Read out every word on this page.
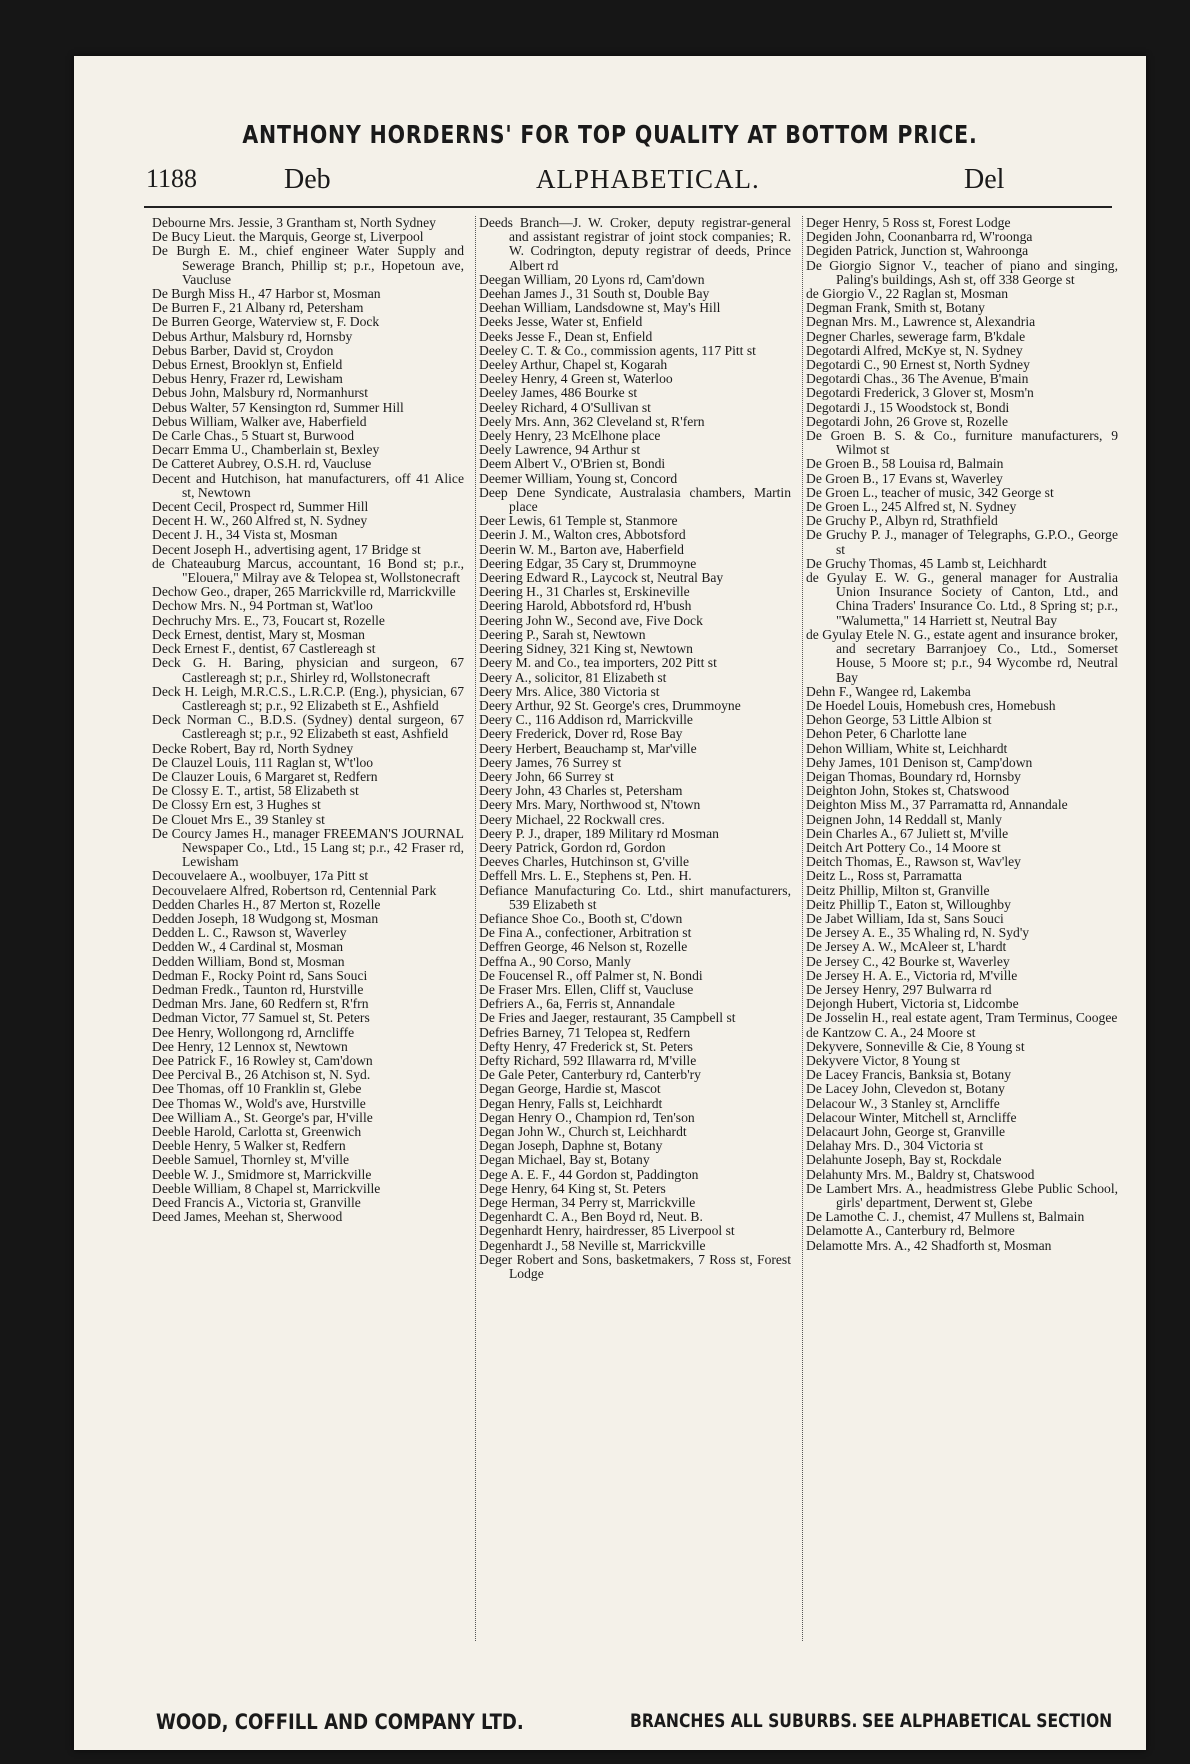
ANTHONY HORDERNS' FOR TOP QUALITY AT BOTTOM PRICE.
1188	Deb	ALPHABETICAL.	Del
Debourne Mrs. Jessie, 3 Grantham st, North Sydney
De Bucy Lieut. the Marquis, George st, Liverpool
De Burgh E. M., chief engineer Water Supply and Sewerage Branch, Phillip st; p.r., Hopetoun ave, Vaucluse
De Burgh Miss H., 47 Harbor st, Mosman
De Burren F., 21 Albany rd, Petersham
De Burren George, Waterview st, F. Dock
Debus Arthur, Malsbury rd, Hornsby
Debus Barber, David st, Croydon
Debus Ernest, Brooklyn st, Enfield
Debus Henry, Frazer rd, Lewisham
Debus John, Malsbury rd, Normanhurst
Debus Walter, 57 Kensington rd, Summer Hill
Debus William, Walker ave, Haberfield
De Carle Chas., 5 Stuart st, Burwood
Decarr Emma U., Chamberlain st, Bexley
De Catteret Aubrey, O.S.H. rd, Vaucluse
Decent and Hutchison, hat manufacturers, off 41 Alice st, Newtown
Decent Cecil, Prospect rd, Summer Hill
Decent H. W., 260 Alfred st, N. Sydney
Decent J. H., 34 Vista st, Mosman
Decent Joseph H., advertising agent, 17 Bridge st
de Chateauburg Marcus, accountant, 16 Bond st; p.r., "Elouera," Milray ave & Telopea st, Wollstonecraft
Dechow Geo., draper, 265 Marrickville rd, Marrickville
Dechow Mrs. N., 94 Portman st, Wat'loo
Dechruchy Mrs. E., 73, Foucart st, Rozelle
Deck Ernest, dentist, Mary st, Mosman
Deck Ernest F., dentist, 67 Castlereagh st
Deck G. H. Baring, physician and surgeon, 67 Castlereagh st; p.r., Shirley rd, Wollstonecraft
Deck H. Leigh, M.R.C.S., L.R.C.P. (Eng.), physician, 67 Castlereagh st; p.r., 92 Elizabeth st E., Ashfield
Deck Norman C., B.D.S. (Sydney) dental surgeon, 67 Castlereagh st; p.r., 92 Elizabeth st east, Ashfield
Decke Robert, Bay rd, North Sydney
De Clauzel Louis, 111 Raglan st, W't'loo
De Clauzer Louis, 6 Margaret st, Redfern
De Clossy E. T., artist, 58 Elizabeth st
De Clossy Ern est, 3 Hughes st
De Clouet Mrs E., 39 Stanley st
De Courcy James H., manager FREEMAN'S JOURNAL Newspaper Co., Ltd., 15 Lang st; p.r., 42 Fraser rd, Lewisham
Decouvelaere A., woolbuyer, 17a Pitt st
Decouvelaere Alfred, Robertson rd, Centennial Park
Dedden Charles H., 87 Merton st, Rozelle
Dedden Joseph, 18 Wudgong st, Mosman
Dedden L. C., Rawson st, Waverley
Dedden W., 4 Cardinal st, Mosman
Dedden William, Bond st, Mosman
Dedman F., Rocky Point rd, Sans Souci
Dedman Fredk., Taunton rd, Hurstville
Dedman Mrs. Jane, 60 Redfern st, R'frn
Dedman Victor, 77 Samuel st, St. Peters
Dee Henry, Wollongong rd, Arncliffe
Dee Henry, 12 Lennox st, Newtown
Dee Patrick F., 16 Rowley st, Cam'down
Dee Percival B., 26 Atchison st, N. Syd.
Dee Thomas, off 10 Franklin st, Glebe
Dee Thomas W., Wold's ave, Hurstville
Dee William A., St. George's par, H'ville
Deeble Harold, Carlotta st, Greenwich
Deeble Henry, 5 Walker st, Redfern
Deeble Samuel, Thornley st, M'ville
Deeble W. J., Smidmore st, Marrickville
Deeble William, 8 Chapel st, Marrickville
Deed Francis A., Victoria st, Granville
Deed James, Meehan st, Sherwood
Deeds Branch—J. W. Croker, deputy registrar-general and assistant registrar of joint stock companies; R. W. Codrington, deputy registrar of deeds, Prince Albert rd
Deegan William, 20 Lyons rd, Cam'down
Deehan James J., 31 South st, Double Bay
Deehan William, Landsdowne st, May's Hill
Deeks Jesse, Water st, Enfield
Deeks Jesse F., Dean st, Enfield
Deeley C. T. & Co., commission agents, 117 Pitt st
Deeley Arthur, Chapel st, Kogarah
Deeley Henry, 4 Green st, Waterloo
Deeley James, 486 Bourke st
Deeley Richard, 4 O'Sullivan st
Deely Mrs. Ann, 362 Cleveland st, R'fern
Deely Henry, 23 McElhone place
Deely Lawrence, 94 Arthur st
Deem Albert V., O'Brien st, Bondi
Deemer William, Young st, Concord
Deep Dene Syndicate, Australasia chambers, Martin place
Deer Lewis, 61 Temple st, Stanmore
Deerin J. M., Walton cres, Abbotsford
Deerin W. M., Barton ave, Haberfield
Deering Edgar, 35 Cary st, Drummoyne
Deering Edward R., Laycock st, Neutral Bay
Deering H., 31 Charles st, Erskineville
Deering Harold, Abbotsford rd, H'bush
Deering John W., Second ave, Five Dock
Deering P., Sarah st, Newtown
Deering Sidney, 321 King st, Newtown
Deery M. and Co., tea importers, 202 Pitt st
Deery A., solicitor, 81 Elizabeth st
Deery Mrs. Alice, 380 Victoria st
Deery Arthur, 92 St. George's cres, Drummoyne
Deery C., 116 Addison rd, Marrickville
Deery Frederick, Dover rd, Rose Bay
Deery Herbert, Beauchamp st, Mar'ville
Deery James, 76 Surrey st
Deery John, 66 Surrey st
Deery John, 43 Charles st, Petersham
Deery Mrs. Mary, Northwood st, N'town
Deery Michael, 22 Rockwall cres.
Deery P. J., draper, 189 Military rd Mosman
Deery Patrick, Gordon rd, Gordon
Deeves Charles, Hutchinson st, G'ville
Deffell Mrs. L. E., Stephens st, Pen. H.
Defiance Manufacturing Co. Ltd., shirt manufacturers, 539 Elizabeth st
Defiance Shoe Co., Booth st, C'down
De Fina A., confectioner, Arbitration st
Deffren George, 46 Nelson st, Rozelle
Deffna A., 90 Corso, Manly
De Foucensel R., off Palmer st, N. Bondi
De Fraser Mrs. Ellen, Cliff st, Vaucluse
Defriers A., 6a, Ferris st, Annandale
De Fries and Jaeger, restaurant, 35 Campbell st
Defries Barney, 71 Telopea st, Redfern
Defty Henry, 47 Frederick st, St. Peters
Defty Richard, 592 Illawarra rd, M'ville
De Gale Peter, Canterbury rd, Canterb'ry
Degan George, Hardie st, Mascot
Degan Henry, Falls st, Leichhardt
Degan Henry O., Champion rd, Ten'son
Degan John W., Church st, Leichhardt
Degan Joseph, Daphne st, Botany
Degan Michael, Bay st, Botany
Dege A. E. F., 44 Gordon st, Paddington
Dege Henry, 64 King st, St. Peters
Dege Herman, 34 Perry st, Marrickville
Degenhardt C. A., Ben Boyd rd, Neut. B.
Degenhardt Henry, hairdresser, 85 Liverpool st
Degenhardt J., 58 Neville st, Marrickville
Deger Robert and Sons, basketmakers, 7 Ross st, Forest Lodge
Deger Henry, 5 Ross st, Forest Lodge
Degiden John, Coonanbarra rd, W'roonga
Degiden Patrick, Junction st, Wahroonga
De Giorgio Signor V., teacher of piano and singing, Paling's buildings, Ash st, off 338 George st
de Giorgio V., 22 Raglan st, Mosman
Degman Frank, Smith st, Botany
Degnan Mrs. M., Lawrence st, Alexandria
Degner Charles, sewerage farm, B'kdale
Degotardi Alfred, McKye st, N. Sydney
Degotardi C., 90 Ernest st, North Sydney
Degotardi Chas., 36 The Avenue, B'main
Degotardi Frederick, 3 Glover st, Mosm'n
Degotardi J., 15 Woodstock st, Bondi
Degotardi John, 26 Grove st, Rozelle
De Groen B. S. & Co., furniture manufacturers, 9 Wilmot st
De Groen B., 58 Louisa rd, Balmain
De Groen B., 17 Evans st, Waverley
De Groen L., teacher of music, 342 George st
De Groen L., 245 Alfred st, N. Sydney
De Gruchy P., Albyn rd, Strathfield
De Gruchy P. J., manager of Telegraphs, G.P.O., George st
De Gruchy Thomas, 45 Lamb st, Leichhardt
de Gyulay E. W. G., general manager for Australia Union Insurance Society of Canton, Ltd., and China Traders' Insurance Co. Ltd., 8 Spring st; p.r., "Walumetta," 14 Harriett st, Neutral Bay
de Gyulay Etele N. G., estate agent and insurance broker, and secretary Barranjoey Co., Ltd., Somerset House, 5 Moore st; p.r., 94 Wycombe rd, Neutral Bay
Dehn F., Wangee rd, Lakemba
De Hoedel Louis, Homebush cres, Homebush
Dehon George, 53 Little Albion st
Dehon Peter, 6 Charlotte lane
Dehon William, White st, Leichhardt
Dehy James, 101 Denison st, Camp'down
Deigan Thomas, Boundary rd, Hornsby
Deighton John, Stokes st, Chatswood
Deighton Miss M., 37 Parramatta rd, Annandale
Deignen John, 14 Reddall st, Manly
Dein Charles A., 67 Juliett st, M'ville
Deitch Art Pottery Co., 14 Moore st
Deitch Thomas, E., Rawson st, Wav'ley
Deitz L., Ross st, Parramatta
Deitz Phillip, Milton st, Granville
Deitz Phillip T., Eaton st, Willoughby
De Jabet William, Ida st, Sans Souci
De Jersey A. E., 35 Whaling rd, N. Syd'y
De Jersey A. W., McAleer st, L'hardt
De Jersey C., 42 Bourke st, Waverley
De Jersey H. A. E., Victoria rd, M'ville
De Jersey Henry, 297 Bulwarra rd
Dejongh Hubert, Victoria st, Lidcombe
De Josselin H., real estate agent, Tram Terminus, Coogee
de Kantzow C. A., 24 Moore st
Dekyvere, Sonneville & Cie, 8 Young st
Dekyvere Victor, 8 Young st
De Lacey Francis, Banksia st, Botany
De Lacey John, Clevedon st, Botany
Delacour W., 3 Stanley st, Arncliffe
Delacour Winter, Mitchell st, Arncliffe
Delacaurt John, George st, Granville
Delahay Mrs. D., 304 Victoria st
Delahunte Joseph, Bay st, Rockdale
Delahunty Mrs. M., Baldry st, Chatswood
De Lambert Mrs. A., headmistress Glebe Public School, girls' department, Derwent st, Glebe
De Lamothe C. J., chemist, 47 Mullens st, Balmain
Delamotte A., Canterbury rd, Belmore
Delamotte Mrs. A., 42 Shadforth st, Mosman
WOOD, COFFILL AND COMPANY LTD.	BRANCHES ALL SUBURBS. SEE ALPHABETICAL SECTION
